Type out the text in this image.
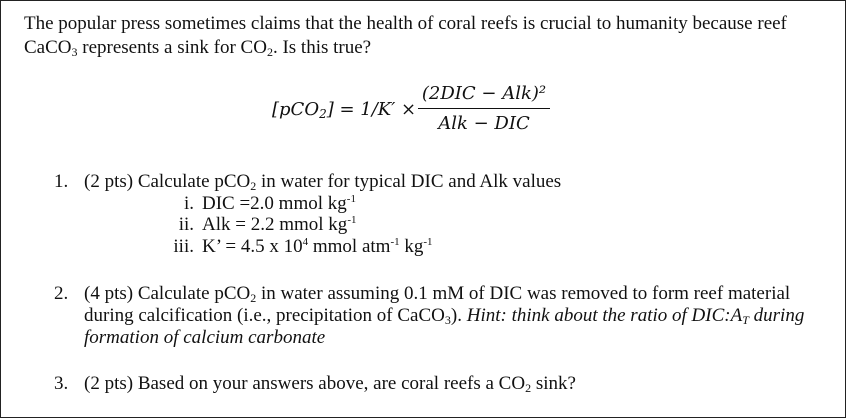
The popular press sometimes claims that the health of coral reefs is crucial to humanity because reef
CaCO$_3$ represents a sink for $CO_2$. Is this true?
[pCO$_2$] = 1/K′ ×
(2DIC − Alk)²
Alk − DIC
1. (2 pts) Calculate pCO$_2$ in water for typical DIC and Alk values
i. DIC =2.0 mmol $kg^{-1}$
ii. Alk = 2.2 mmol $kg^{-1}$
iii. K’ = 4.5 x $10^4$ mmol atm$^{-1}$ $kg^{-1}$
2. (4 pts) Calculate pCO$_2$ in water assuming 0.1 mM of DIC was removed to form reef material
during calcification (i.e., precipitation of CaCO$_3$). Hint: think about the ratio of $DIC:A_T$ during
formation of calcium carbonate
3. (2 pts) Based on your answers above, are coral reefs a $CO_2$ sink?
